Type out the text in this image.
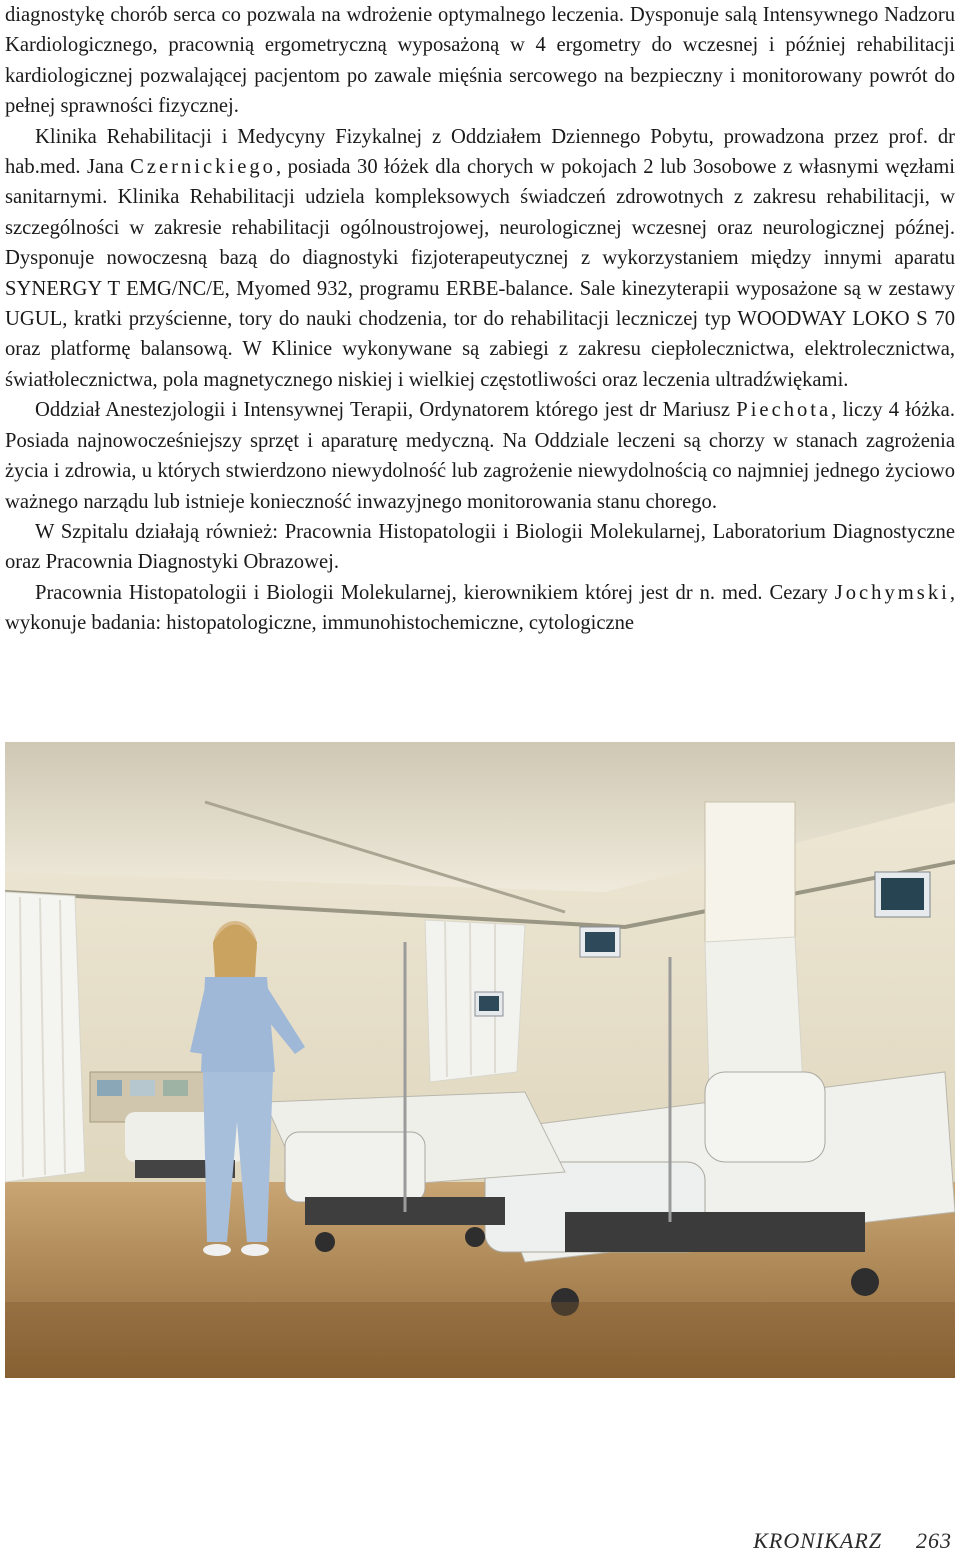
diagnostykę chorób serca co pozwala na wdrożenie optymalnego leczenia. Dysponuje salą Intensywnego Nadzoru Kardiologicznego, pracownią ergometryczną wyposażoną w 4 ergometry do wczesnej i później rehabilitacji kardiologicznej pozwalającej pacjentom po zawale mięśnia sercowego na bezpieczny i monitorowany powrót do pełnej sprawności fizycznej.

Klinika Rehabilitacji i Medycyny Fizykalnej z Oddziałem Dziennego Pobytu, prowadzona przez prof. dr hab.med. Jana Czernickiego, posiada 30 łóżek dla chorych w pokojach 2 lub 3osobowe z własnymi węzłami sanitarnymi. Klinika Rehabilitacji udziela kompleksowych świadczeń zdrowotnych z zakresu rehabilitacji, w szczególności w zakresie rehabilitacji ogólnoustrojowej, neurologicznej wczesnej oraz neurologicznej późnej. Dysponuje nowoczesną bazą do diagnostyki fizjoterapeutycznej z wykorzystaniem między innymi aparatu SYNERGY T EMG/NC/E, Myomed 932, programu ERBE-balance. Sale kinezyterapii wyposażone są w zestawy UGUL, kratki przyścienne, tory do nauki chodzenia, tor do rehabilitacji leczniczej typ WOODWAY LOKO S 70 oraz platformę balansową. W Klinice wykonywane są zabiegi z zakresu ciepłolecznictwa, elektrolecznictwa, światłolecznictwa, pola magnetycznego niskiej i wielkiej częstotliwości oraz leczenia ultradźwiękami.

Oddział Anestezjologii i Intensywnej Terapii, Ordynatorem którego jest dr Mariusz Piechota, liczy 4 łóżka. Posiada najnowocześniejszy sprzęt i aparaturę medyczną. Na Oddziale leczeni są chorzy w stanach zagrożenia życia i zdrowia, u których stwierdzono niewydolność lub zagrożenie niewydolnością co najmniej jednego życiowo ważnego narządu lub istnieje konieczność inwazyjnego monitorowania stanu chorego.

W Szpitalu działają również: Pracownia Histopatologii i Biologii Molekularnej, Laboratorium Diagnostyczne oraz Pracownia Diagnostyki Obrazowej.

Pracownia Histopatologii i Biologii Molekularnej, kierownikiem której jest dr n. med. Cezary Jochymski, wykonuje badania: histopatologiczne, immunohistochemiczne, cytologiczne

KRONIKARZ 263
